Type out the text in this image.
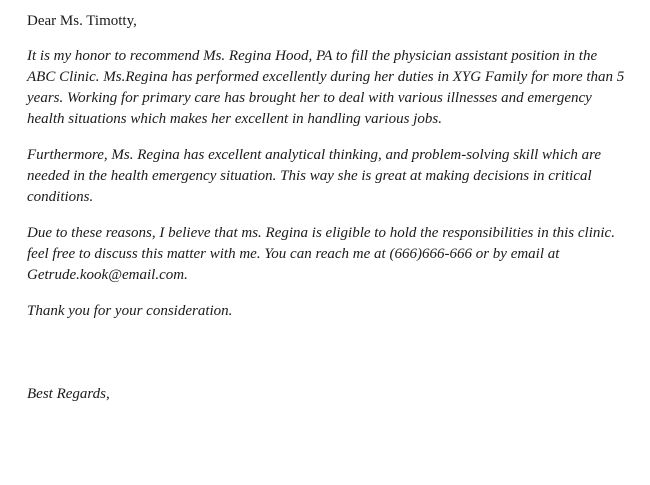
Dear Ms. Timotty,

It is my honor to recommend Ms. Regina Hood, PA to fill the physician assistant position in the ABC Clinic. Ms.Regina has performed excellently during her duties in XYG Family for more than 5 years. Working for primary care has brought her to deal with various illnesses and emergency health situations which makes her excellent in handling various jobs.

Furthermore, Ms. Regina has excellent analytical thinking, and problem-solving skill which are needed in the health emergency situation. This way she is great at making decisions in critical conditions.

Due to these reasons, I believe that ms. Regina is eligible to hold the responsibilities in this clinic. feel free to discuss this matter with me. You can reach me at (666)666-666 or by email at Getrude.kook@email.com.

Thank you for your consideration.

Best Regards,
